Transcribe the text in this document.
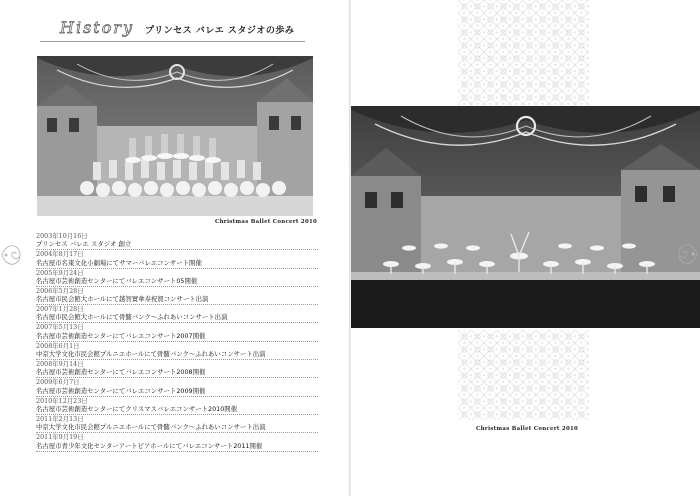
History プリンセス バレエ スタジオの歩み
Christmas Ballet Concert 2010
2003年10月16日
プリンセス バレエ スタジオ 創立
2004年8月17日
名古屋市名東文化小劇場にてサマーバレエコンサート開催
2005年9月24日
名古屋市芸術創造センターにてバレエコンサート05開催
2006年5月28日
名古屋市民会館大ホールにて越智實傘寿祝賀コンサート出演
2007年1月28日
名古屋市民会館大ホールにて骨髄バンク～ふれあいコンサート出演
2007年5月13日
名古屋市芸術創造センターにてバレエコンサート2007開催
2008年6月1日
中京大学文化市民会館プルニエホールにて骨髄バンク～ふれあいコンサート出演
2008年9月14日
名古屋市芸術創造センターにてバレエコンサート2008開催
2009年6月7日
名古屋市芸術創造センターにてバレエコンサート2009開催
2010年12月23日
名古屋市芸術創造センターにてクリスマスバレエコンサート2010開催
2011年2月13日
中京大学文化市民会館プルニエホールにて骨髄バンク～ふれあいコンサート出演
2011年9月19日
名古屋市青少年文化センターアートピアホールにてバレエコンサート2011開催
Christmas Ballet Concert 2010
